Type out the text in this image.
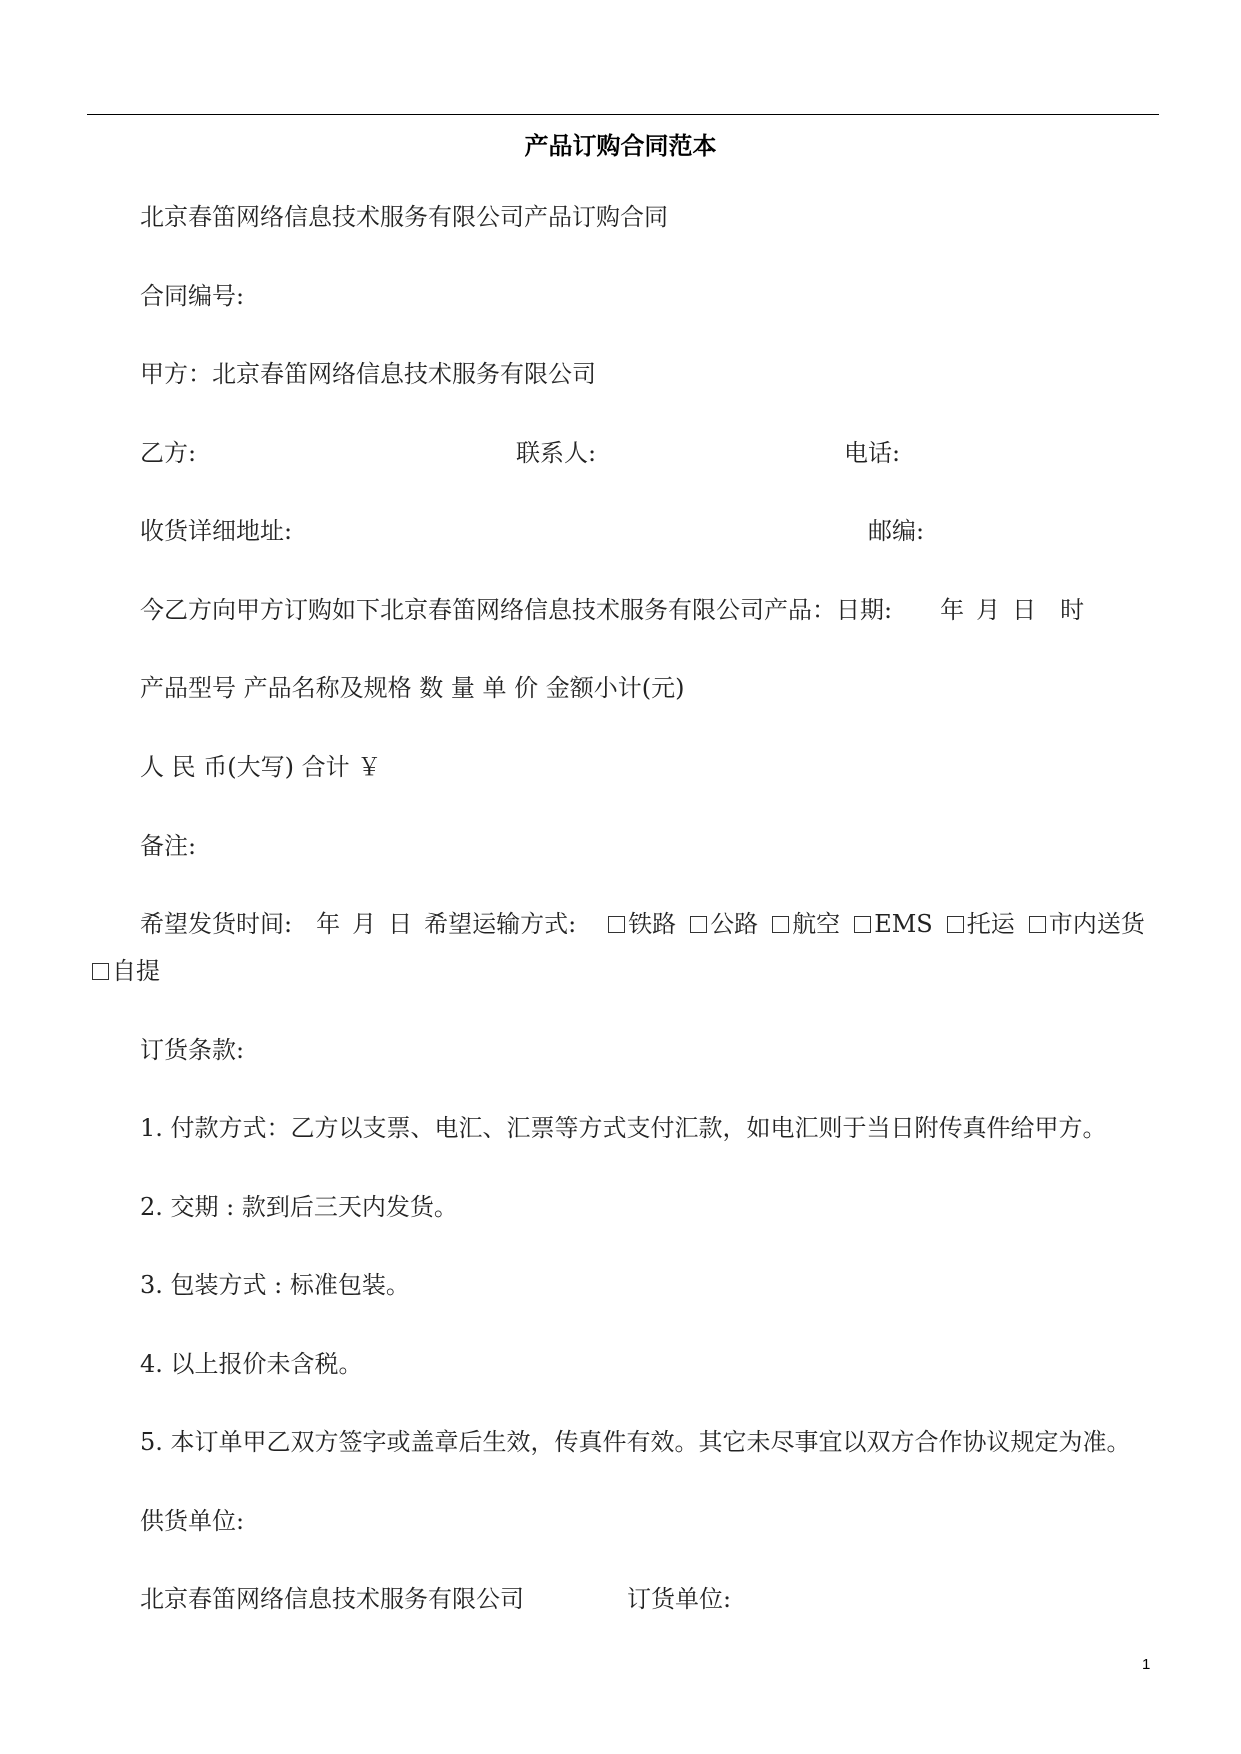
产品订购合同范本
北京春笛网络信息技术服务有限公司产品订购合同
合同编号:
甲方：北京春笛网络信息技术服务有限公司
乙方:	联系人:	电话:
收货详细地址:	邮编:
今乙方向甲方订购如下北京春笛网络信息技术服务有限公司产品：日期: 年 月 日 时
产品型号 产品名称及规格 数 量 单 价 金额小计(元)
人 民 币(大写) 合计 ￥
备注:
希望发货时间: 年 月 日 希望运输方式: 铁路 公路 航空 EMS 托运 市内送货
自提
订货条款:
1. 付款方式：乙方以支票、电汇、汇票等方式支付汇款，如电汇则于当日附传真件给甲方。
2. 交期 : 款到后三天内发货。
3. 包装方式 : 标准包装。
4. 以上报价未含税。
5. 本订单甲乙双方签字或盖章后生效，传真件有效。其它未尽事宜以双方合作协议规定为准。
供货单位:
北京春笛网络信息技术服务有限公司	订货单位:
1
